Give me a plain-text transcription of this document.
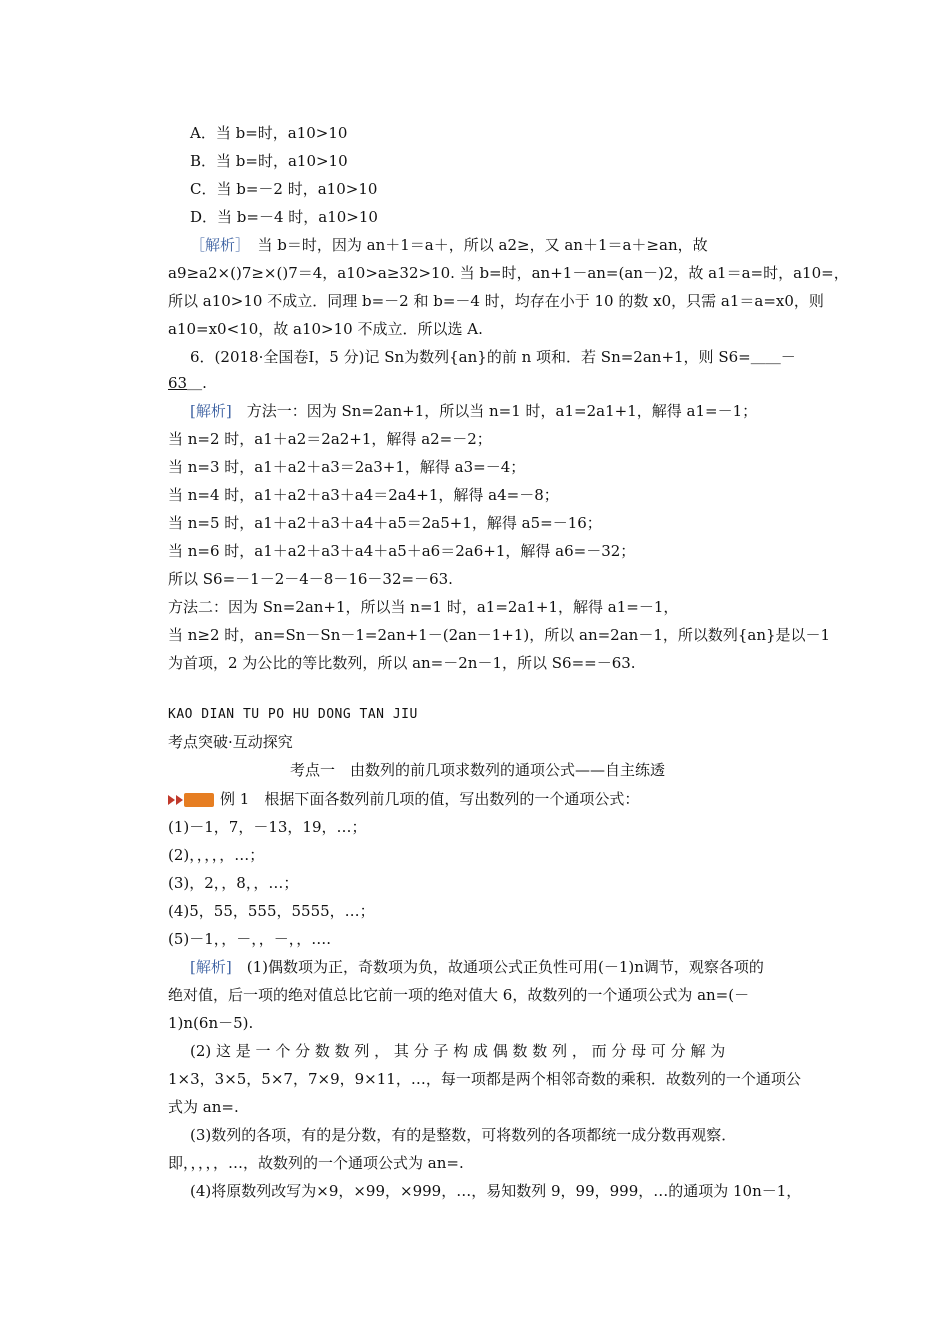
A．当 b=时，a10>10
B．当 b=时，a10>10
C．当 b=－2 时，a10>10
D．当 b=－4 时，a10>10
［解析］　当 b＝时，因为 an＋1＝a＋，所以 a2≥，又 an＋1＝a＋≥an，故
a9≥a2×()7≥×()7＝4，a10>a≥32>10. 当 b=时，an+1－an=(an－)2，故 a1＝a=时，a10=，
所以 a10>10 不成立．同理 b=－2 和 b=－4 时，均存在小于 10 的数 x0，只需 a1＝a=x0，则
a10=x0<10，故 a10>10 不成立．所以选 A.
6．(2018·全国卷Ⅰ，5 分)记 Sn为数列{an}的前 n 项和．若 Sn=2an+1，则 S6=＿＿－
63＿.
[解析]　方法一：因为 Sn=2an+1，所以当 n=1 时，a1=2a1+1，解得 a1=－1；
当 n=2 时，a1＋a2＝2a2+1，解得 a2=－2；
当 n=3 时，a1＋a2＋a3＝2a3+1，解得 a3=－4；
当 n=4 时，a1＋a2＋a3＋a4＝2a4+1，解得 a4=－8；
当 n=5 时，a1＋a2＋a3＋a4＋a5＝2a5+1，解得 a5=－16；
当 n=6 时，a1＋a2＋a3＋a4＋a5＋a6＝2a6+1，解得 a6=－32；
所以 S6=－1－2－4－8－16－32=－63.
方法二：因为 Sn=2an+1，所以当 n=1 时，a1=2a1+1，解得 a1=－1，
当 n≥2 时，an=Sn－Sn－1=2an+1－(2an－1+1)，所以 an=2an－1，所以数列{an}是以－1
为首项，2 为公比的等比数列，所以 an=－2n－1，所以 S6==－63.
KAO DIAN TU PO HU DONG TAN JIU
考点突破·互动探究
考点一　由数列的前几项求数列的通项公式——自主练透
例 1　根据下面各数列前几项的值，写出数列的一个通项公式：
(1)－1，7，－13，19，…；
(2)，，，，，…；
(3)，2，，8，，…；
(4)5，55，555，5555，…；
(5)－1，，－，，－，，….
[解析]　(1)偶数项为正，奇数项为负，故通项公式正负性可用(－1)n调节，观察各项的
绝对值，后一项的绝对值总比它前一项的绝对值大 6，故数列的一个通项公式为 an=(－
1)n(6n－5).
(2) 这 是 一 个 分 数 数 列 ， 其 分 子 构 成 偶 数 数 列 ， 而 分 母 可 分 解 为
1×3，3×5，5×7，7×9，9×11，…，每一项都是两个相邻奇数的乘积．故数列的一个通项公
式为 an=.
(3)数列的各项，有的是分数，有的是整数，可将数列的各项都统一成分数再观察．
即，，，，，…，故数列的一个通项公式为 an=.
(4)将原数列改写为×9，×99，×999，…，易知数列 9，99，999，…的通项为 10n－1，
